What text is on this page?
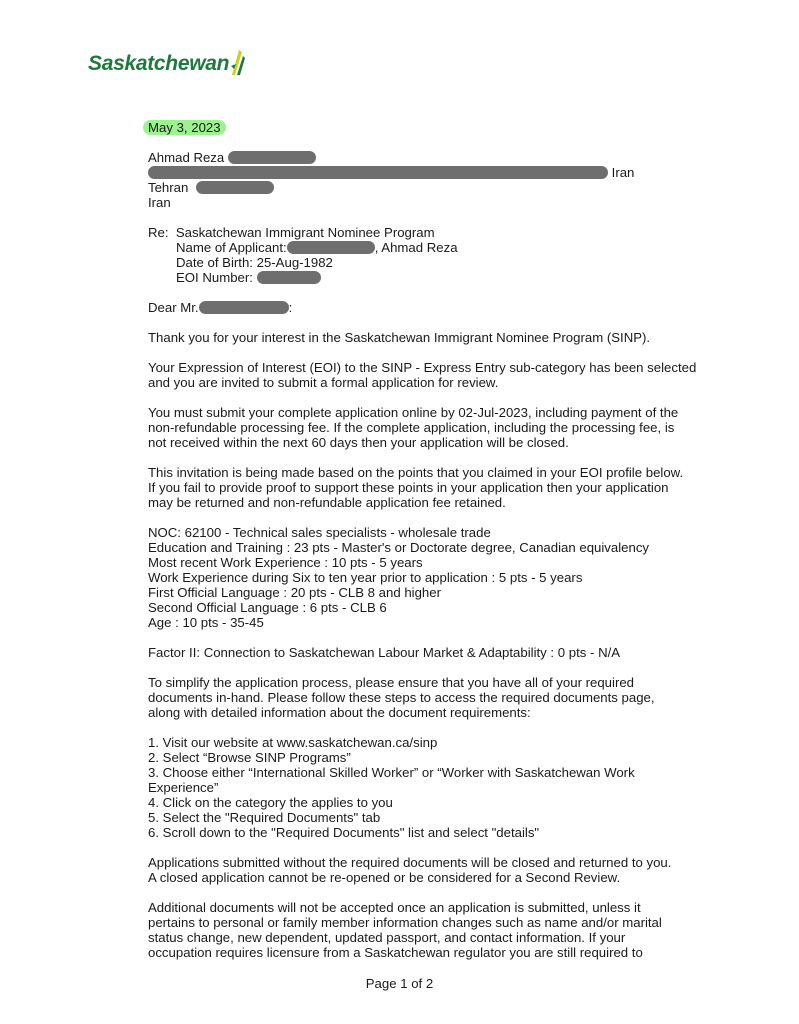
Saskatchewan
May 3, 2023
Ahmad Reza
Iran
Tehran
Iran
Re: Saskatchewan Immigrant Nominee Program
Name of Applicant:	, Ahmad Reza
Date of Birth: 25-Aug-1982
EOI Number:
Dear Mr.	:
Thank you for your interest in the Saskatchewan Immigrant Nominee Program (SINP).
Your Expression of Interest (EOI) to the SINP - Express Entry sub-category has been selected
and you are invited to submit a formal application for review.
You must submit your complete application online by 02-Jul-2023, including payment of the
non-refundable processing fee. If the complete application, including the processing fee, is
not received within the next 60 days then your application will be closed.
This invitation is being made based on the points that you claimed in your EOI profile below.
If you fail to provide proof to support these points in your application then your application
may be returned and non-refundable application fee retained.
NOC: 62100 - Technical sales specialists - wholesale trade
Education and Training : 23 pts - Master's or Doctorate degree, Canadian equivalency
Most recent Work Experience : 10 pts - 5 years
Work Experience during Six to ten year prior to application : 5 pts - 5 years
First Official Language : 20 pts - CLB 8 and higher
Second Official Language : 6 pts - CLB 6
Age : 10 pts - 35-45
Factor II: Connection to Saskatchewan Labour Market & Adaptability : 0 pts - N/A
To simplify the application process, please ensure that you have all of your required
documents in-hand. Please follow these steps to access the required documents page,
along with detailed information about the document requirements:
1. Visit our website at www.saskatchewan.ca/sinp
2. Select “Browse SINP Programs”
3. Choose either “International Skilled Worker” or “Worker with Saskatchewan Work
Experience”
4. Click on the category the applies to you
5. Select the "Required Documents" tab
6. Scroll down to the "Required Documents" list and select "details"
Applications submitted without the required documents will be closed and returned to you.
A closed application cannot be re-opened or be considered for a Second Review.
Additional documents will not be accepted once an application is submitted, unless it
pertains to personal or family member information changes such as name and/or marital
status change, new dependent, updated passport, and contact information. If your
occupation requires licensure from a Saskatchewan regulator you are still required to
Page 1 of 2
